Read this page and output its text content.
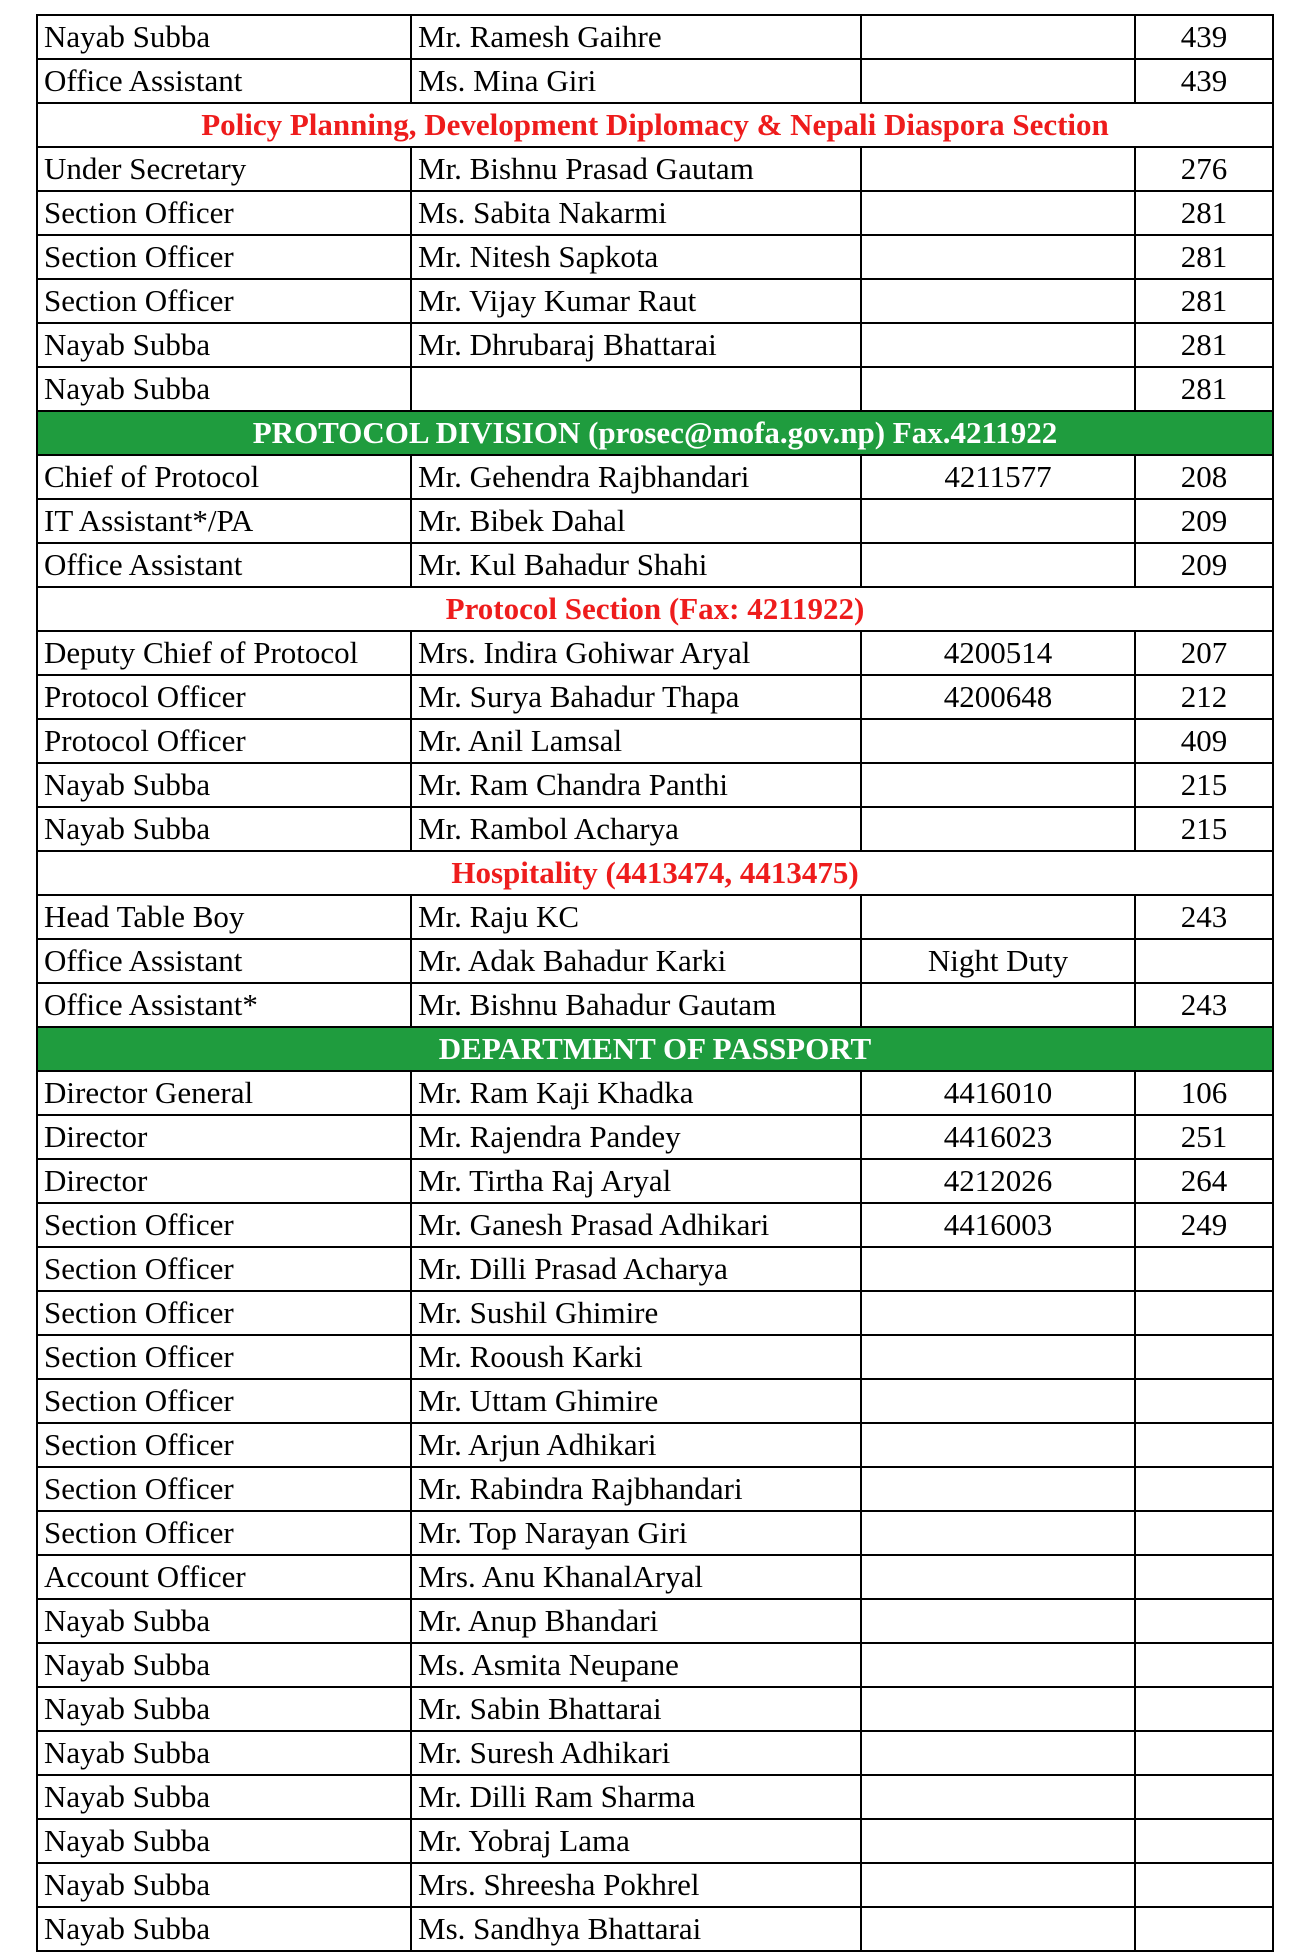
Nayab Subba	Mr. Ramesh Gaihre		439
Office Assistant	Ms. Mina Giri		439
Policy Planning, Development Diplomacy & Nepali Diaspora Section			
Under Secretary	Mr. Bishnu Prasad Gautam		276
Section Officer	Ms. Sabita Nakarmi		281
Section Officer	Mr. Nitesh Sapkota		281
Section Officer	Mr. Vijay Kumar Raut		281
Nayab Subba	Mr. Dhrubaraj Bhattarai		281
Nayab Subba			281
PROTOCOL DIVISION (prosec@mofa.gov.np) Fax.4211922			
Chief of Protocol	Mr. Gehendra Rajbhandari	4211577	208
IT Assistant*/PA	Mr. Bibek Dahal		209
Office Assistant	Mr. Kul Bahadur Shahi		209
Protocol Section (Fax: 4211922)			
Deputy Chief of Protocol	Mrs. Indira Gohiwar Aryal	4200514	207
Protocol Officer	Mr. Surya Bahadur Thapa	4200648	212
Protocol Officer	Mr. Anil Lamsal		409
Nayab Subba	Mr. Ram Chandra Panthi		215
Nayab Subba	Mr. Rambol Acharya		215
Hospitality (4413474, 4413475)			
Head Table Boy	Mr. Raju KC		243
Office Assistant	Mr. Adak Bahadur Karki	Night Duty	
Office Assistant*	Mr. Bishnu Bahadur Gautam		243
DEPARTMENT OF PASSPORT			
Director General	Mr. Ram Kaji Khadka	4416010	106
Director	Mr. Rajendra Pandey	4416023	251
Director	Mr. Tirtha Raj Aryal	4212026	264
Section Officer	Mr. Ganesh Prasad Adhikari	4416003	249
Section Officer	Mr. Dilli Prasad Acharya		
Section Officer	Mr. Sushil Ghimire		
Section Officer	Mr. Rooush Karki		
Section Officer	Mr. Uttam Ghimire		
Section Officer	Mr. Arjun Adhikari		
Section Officer	Mr. Rabindra Rajbhandari		
Section Officer	Mr. Top Narayan Giri		
Account Officer	Mrs. Anu KhanalAryal		
Nayab Subba	Mr. Anup Bhandari		
Nayab Subba	Ms. Asmita Neupane		
Nayab Subba	Mr. Sabin Bhattarai		
Nayab Subba	Mr. Suresh Adhikari		
Nayab Subba	Mr. Dilli Ram Sharma		
Nayab Subba	Mr. Yobraj Lama		
Nayab Subba	Mrs. Shreesha Pokhrel		
Nayab Subba	Ms. Sandhya Bhattarai		
